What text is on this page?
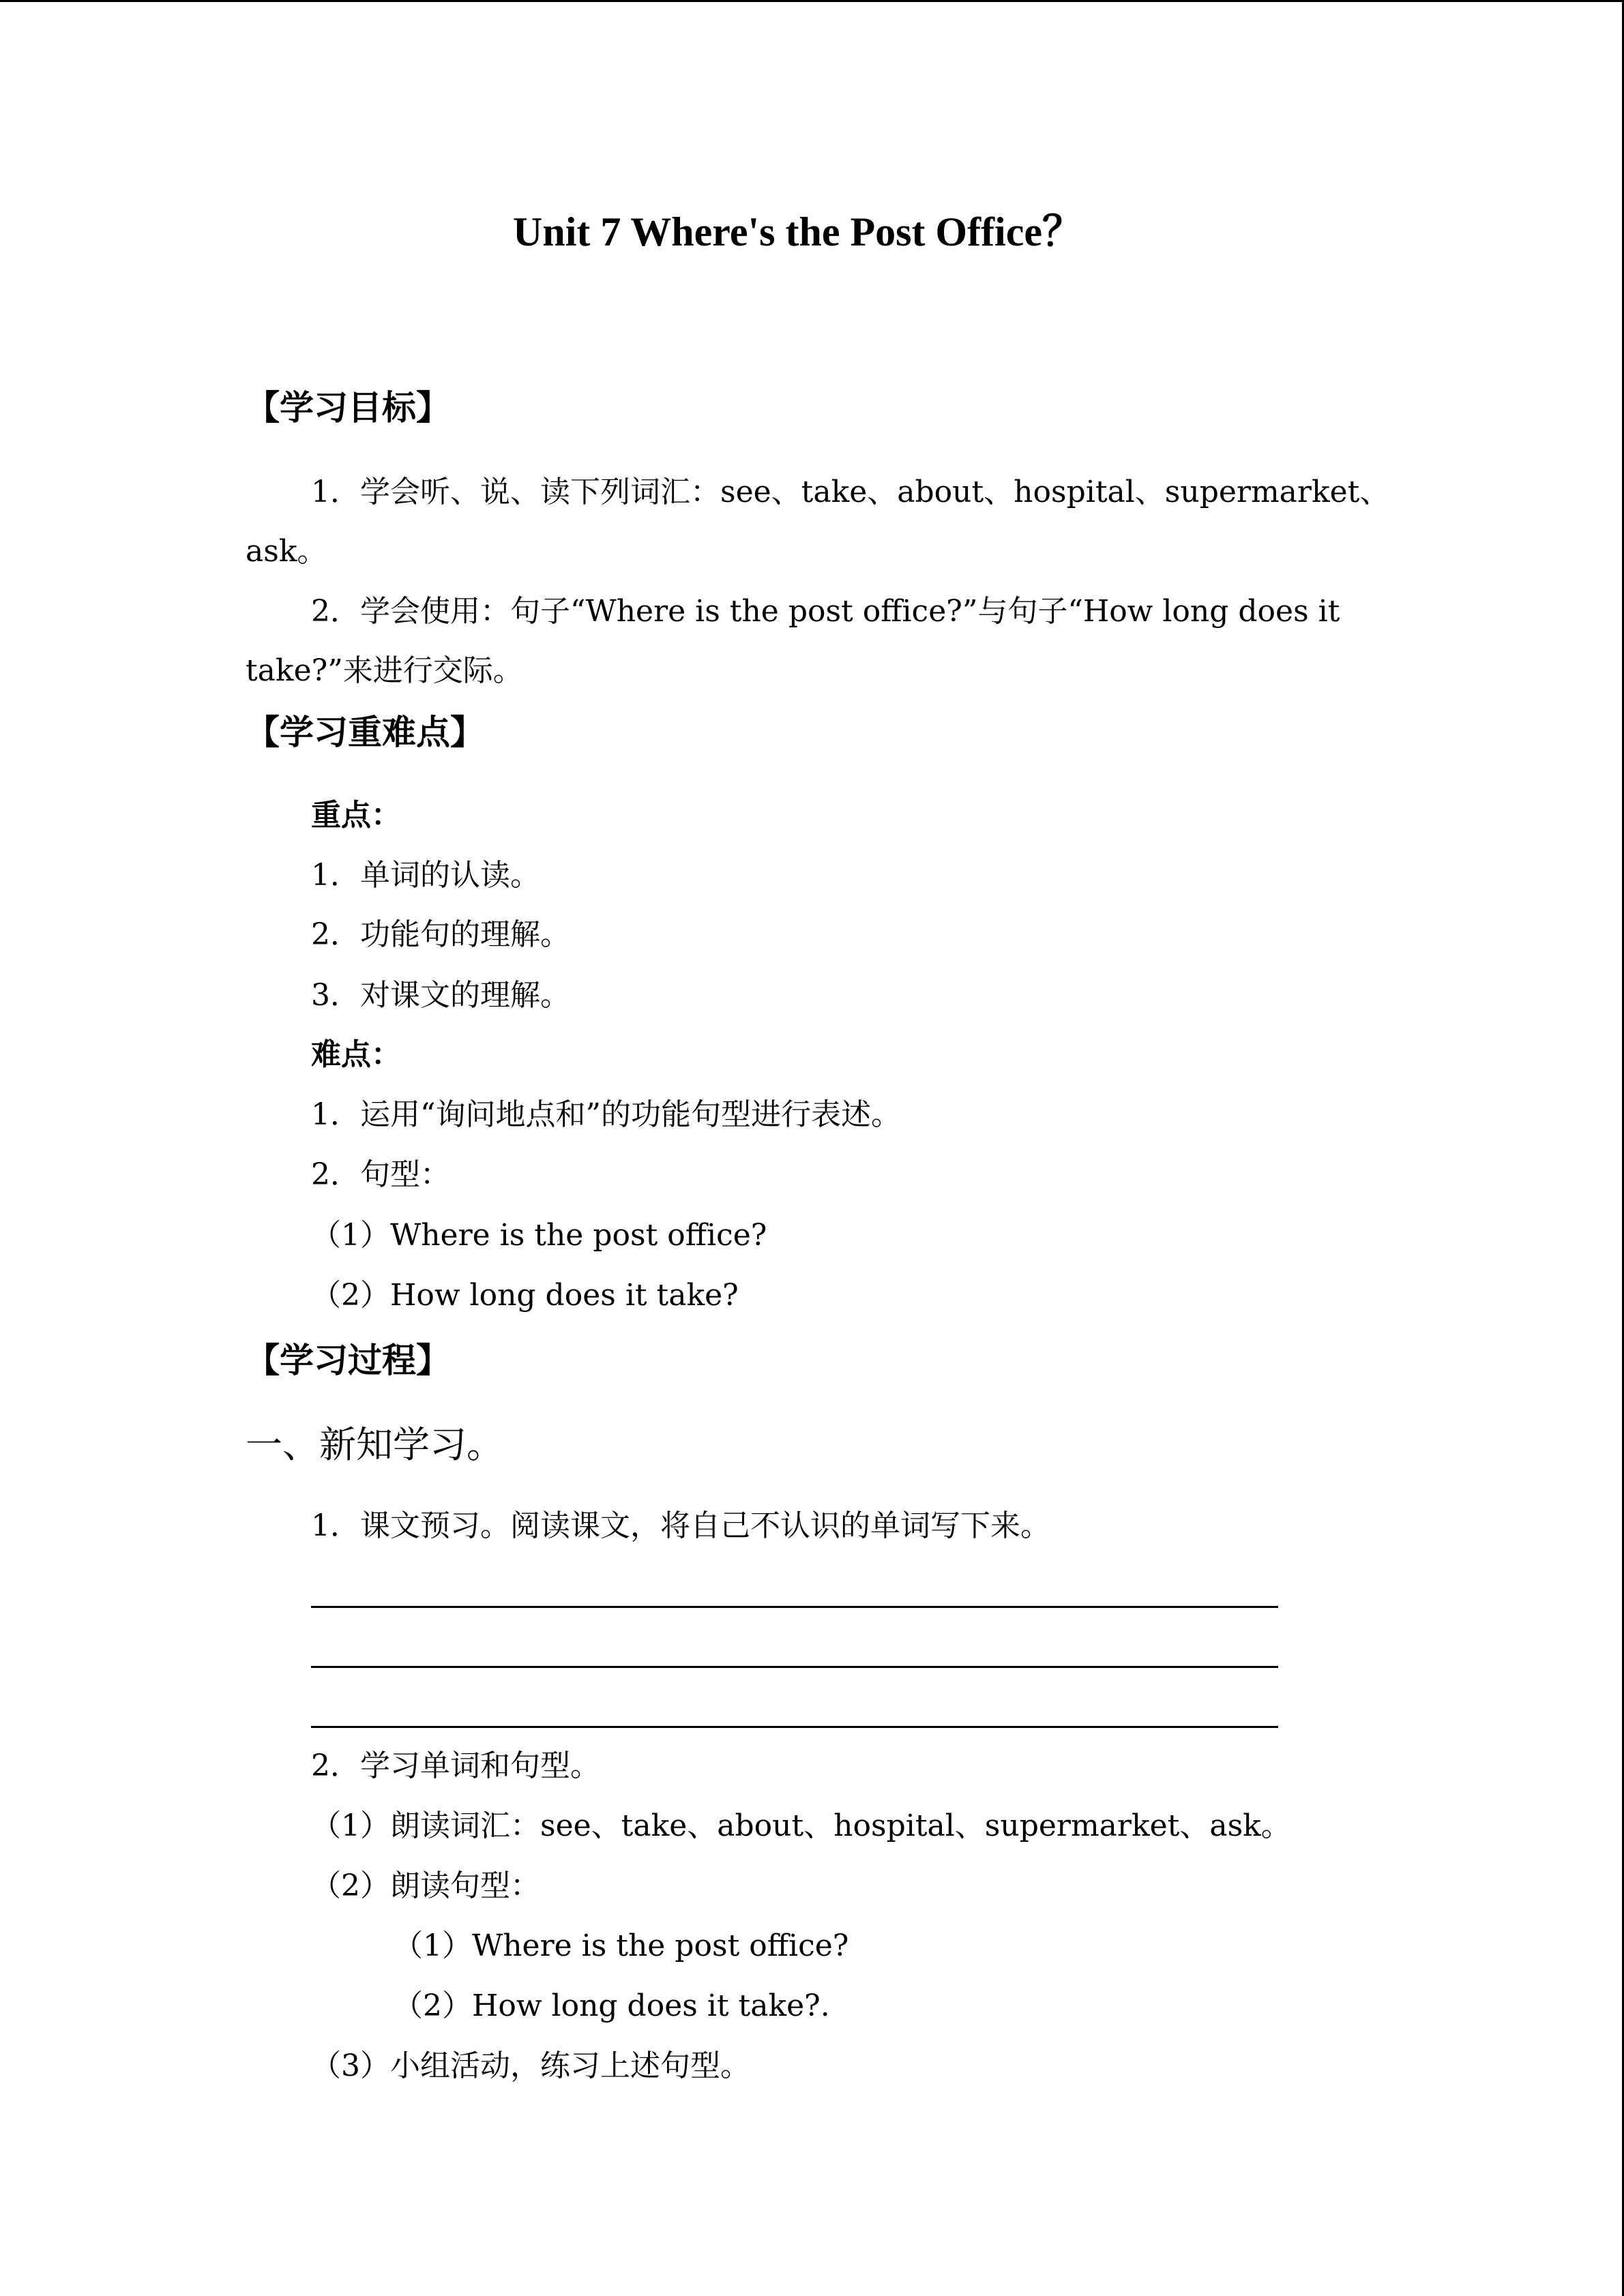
Unit 7 Where's the Post Office？
【学习目标】
1．学会听、说、读下列词汇：see、take、about、hospital、supermarket、
ask。
2．学会使用：句子“Where is the post office?”与句子“How long does it
take?”来进行交际。
【学习重难点】
重点：
1．单词的认读。
2．功能句的理解。
3．对课文的理解。
难点：
1．运用“询问地点和”的功能句型进行表述。
2．句型：
（1）Where is the post office?
（2）How long does it take?
【学习过程】
一、新知学习。
1．课文预习。阅读课文，将自己不认识的单词写下来。
2．学习单词和句型。
（1）朗读词汇：see、take、about、hospital、supermarket、ask。
（2）朗读句型：
（1）Where is the post office?
（2）How long does it take?.
（3）小组活动，练习上述句型。
